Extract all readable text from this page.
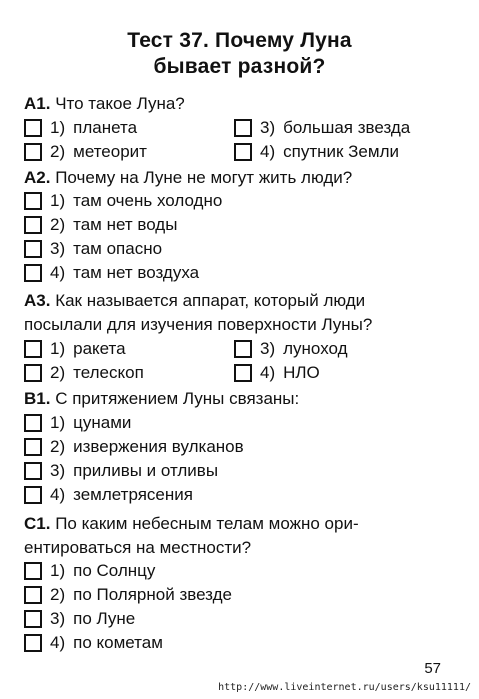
Тест 37. Почему Луна
бывает разной?
А1. Что такое Луна?
1) планета	3) большая звезда
2) метеорит	4) спутник Земли
А2. Почему на Луне не могут жить люди?
1) там очень холодно
2) там нет воды
3) там опасно
4) там нет воздуха
А3. Как называется аппарат, который люди
посылали для изучения поверхности Луны?
1) ракета	3) луноход
2) телескоп	4) НЛО
В1. С притяжением Луны связаны:
1) цунами
2) извержения вулканов
3) приливы и отливы
4) землетрясения
С1. По каким небесным телам можно ори-
ентироваться на местности?
1) по Солнцу
2) по Полярной звезде
3) по Луне
4) по кометам
57
http://www.liveinternet.ru/users/ksu11111/
